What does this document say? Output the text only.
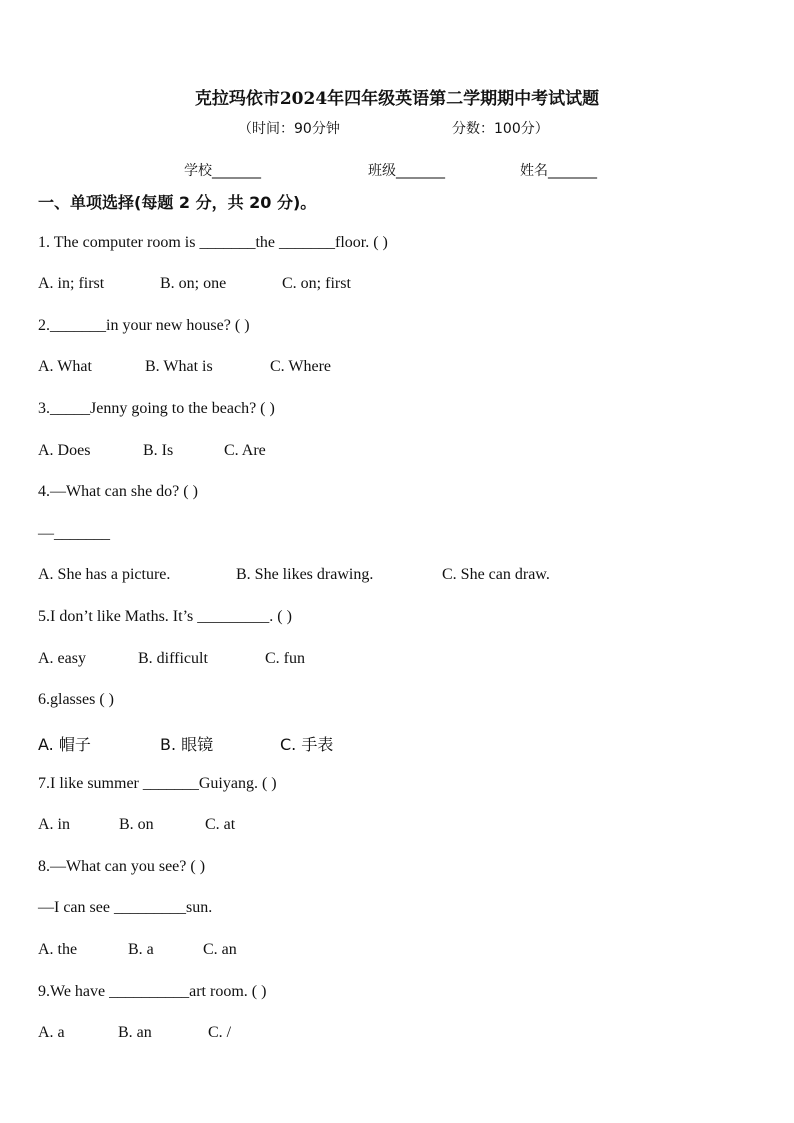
克拉玛依市2024年四年级英语第二学期期中考试试题
（时间：90分钟	分数：100分）
学校_______	班级_______	姓名_______
一、单项选择(每题 2 分，共 20 分)。
1. The computer room is _______the _______floor. ( )
A. in; first	B. on; one	C. on; first
2._______in your new house? ( )
A. What	B. What is	C. Where
3._____Jenny going to the beach? ( )
A. Does	B. Is	C. Are
4.—What can she do? ( )
—_______
A. She has a picture.	B. She likes drawing.	C. She can draw.
5.I don’t like Maths. It’s _________. ( )
A. easy	B. difficult	C. fun
6.glasses ( )
A. 帽子	B. 眼镜	C. 手表
7.I like summer _______Guiyang. ( )
A. in	B. on	C. at
8.—What can you see? ( )
—I can see _________sun.
A. the	B. a	C. an
9.We have __________art room. ( )
A. a	B. an	C. /
